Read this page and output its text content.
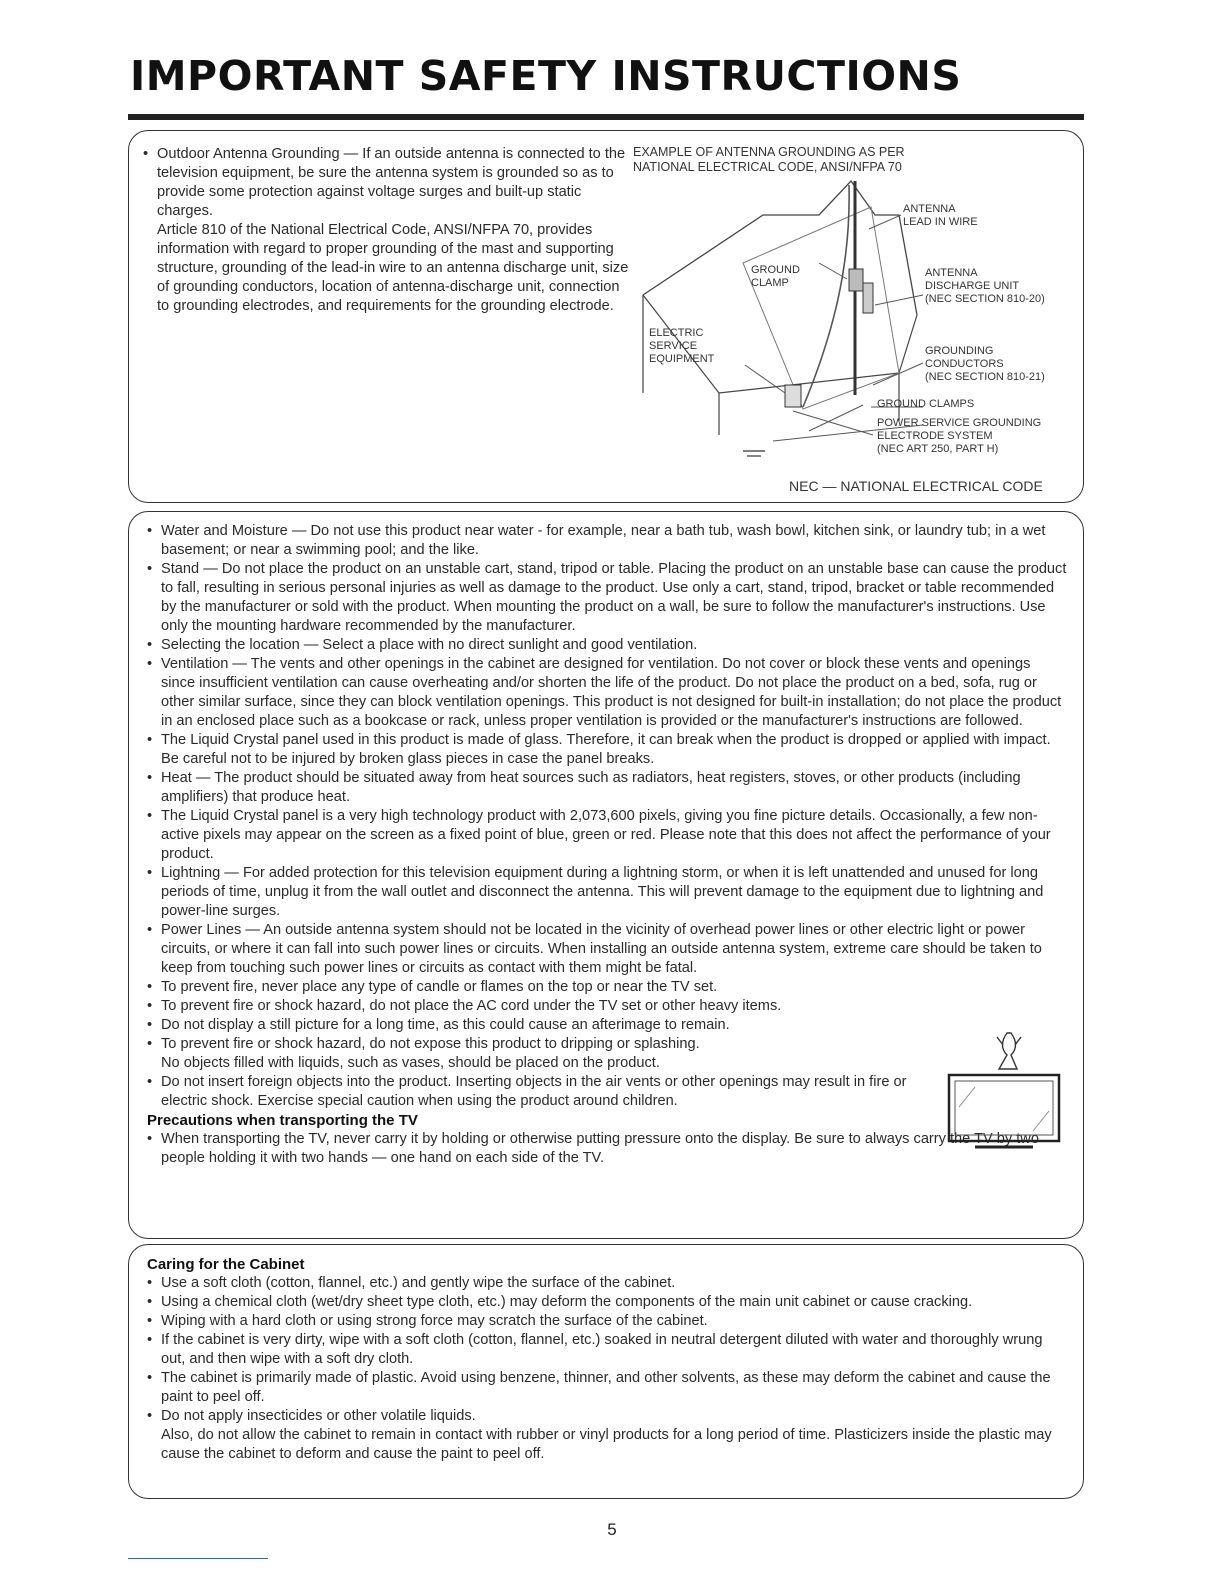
IMPORTANT SAFETY INSTRUCTIONS
• Outdoor Antenna Grounding — If an outside antenna is connected to the television equipment, be sure the antenna system is grounded so as to provide some protection against voltage surges and built-up static charges.
Article 810 of the National Electrical Code, ANSI/NFPA 70, provides information with regard to proper grounding of the mast and supporting structure, grounding of the lead-in wire to an antenna discharge unit, size of grounding conductors, location of antenna-discharge unit, connection to grounding electrodes, and requirements for the grounding electrode.
EXAMPLE OF ANTENNA GROUNDING AS PER
NATIONAL ELECTRICAL CODE, ANSI/NFPA 70
ANTENNA
LEAD IN WIRE
GROUND
CLAMP
ANTENNA
DISCHARGE UNIT
(NEC SECTION 810-20)
ELECTRIC
SERVICE
EQUIPMENT
GROUNDING
CONDUCTORS
(NEC SECTION 810-21)
GROUND CLAMPS
POWER SERVICE GROUNDING
ELECTRODE SYSTEM
(NEC ART 250, PART H)
NEC — NATIONAL ELECTRICAL CODE
• Water and Moisture — Do not use this product near water - for example, near a bath tub, wash bowl, kitchen sink, or laundry tub; in a wet basement; or near a swimming pool; and the like.
• Stand — Do not place the product on an unstable cart, stand, tripod or table. Placing the product on an unstable base can cause the product to fall, resulting in serious personal injuries as well as damage to the product. Use only a cart, stand, tripod, bracket or table recommended by the manufacturer or sold with the product. When mounting the product on a wall, be sure to follow the manufacturer's instructions. Use only the mounting hardware recommended by the manufacturer.
• Selecting the location — Select a place with no direct sunlight and good ventilation.
• Ventilation — The vents and other openings in the cabinet are designed for ventilation. Do not cover or block these vents and openings since insufficient ventilation can cause overheating and/or shorten the life of the product. Do not place the product on a bed, sofa, rug or other similar surface, since they can block ventilation openings. This product is not designed for built-in installation; do not place the product in an enclosed place such as a bookcase or rack, unless proper ventilation is provided or the manufacturer's instructions are followed.
• The Liquid Crystal panel used in this product is made of glass. Therefore, it can break when the product is dropped or applied with impact. Be careful not to be injured by broken glass pieces in case the panel breaks.
• Heat — The product should be situated away from heat sources such as radiators, heat registers, stoves, or other products (including amplifiers) that produce heat.
• The Liquid Crystal panel is a very high technology product with 2,073,600 pixels, giving you fine picture details. Occasionally, a few non-active pixels may appear on the screen as a fixed point of blue, green or red. Please note that this does not affect the performance of your product.
• Lightning — For added protection for this television equipment during a lightning storm, or when it is left unattended and unused for long periods of time, unplug it from the wall outlet and disconnect the antenna. This will prevent damage to the equipment due to lightning and power-line surges.
• Power Lines — An outside antenna system should not be located in the vicinity of overhead power lines or other electric light or power circuits, or where it can fall into such power lines or circuits. When installing an outside antenna system, extreme care should be taken to keep from touching such power lines or circuits as contact with them might be fatal.
• To prevent fire, never place any type of candle or flames on the top or near the TV set.
• To prevent fire or shock hazard, do not place the AC cord under the TV set or other heavy items.
• Do not display a still picture for a long time, as this could cause an afterimage to remain.
• To prevent fire or shock hazard, do not expose this product to dripping or splashing.
No objects filled with liquids, such as vases, should be placed on the product.
• Do not insert foreign objects into the product. Inserting objects in the air vents or other openings may result in fire or electric shock. Exercise special caution when using the product around children.
Precautions when transporting the TV
• When transporting the TV, never carry it by holding or otherwise putting pressure onto the display. Be sure to always carry the TV by two people holding it with two hands — one hand on each side of the TV.
Caring for the Cabinet
• Use a soft cloth (cotton, flannel, etc.) and gently wipe the surface of the cabinet.
• Using a chemical cloth (wet/dry sheet type cloth, etc.) may deform the components of the main unit cabinet or cause cracking.
• Wiping with a hard cloth or using strong force may scratch the surface of the cabinet.
• If the cabinet is very dirty, wipe with a soft cloth (cotton, flannel, etc.) soaked in neutral detergent diluted with water and thoroughly wrung out, and then wipe with a soft dry cloth.
• The cabinet is primarily made of plastic. Avoid using benzene, thinner, and other solvents, as these may deform the cabinet and cause the paint to peel off.
• Do not apply insecticides or other volatile liquids.
Also, do not allow the cabinet to remain in contact with rubber or vinyl products for a long period of time. Plasticizers inside the plastic may cause the cabinet to deform and cause the paint to peel off.
5
